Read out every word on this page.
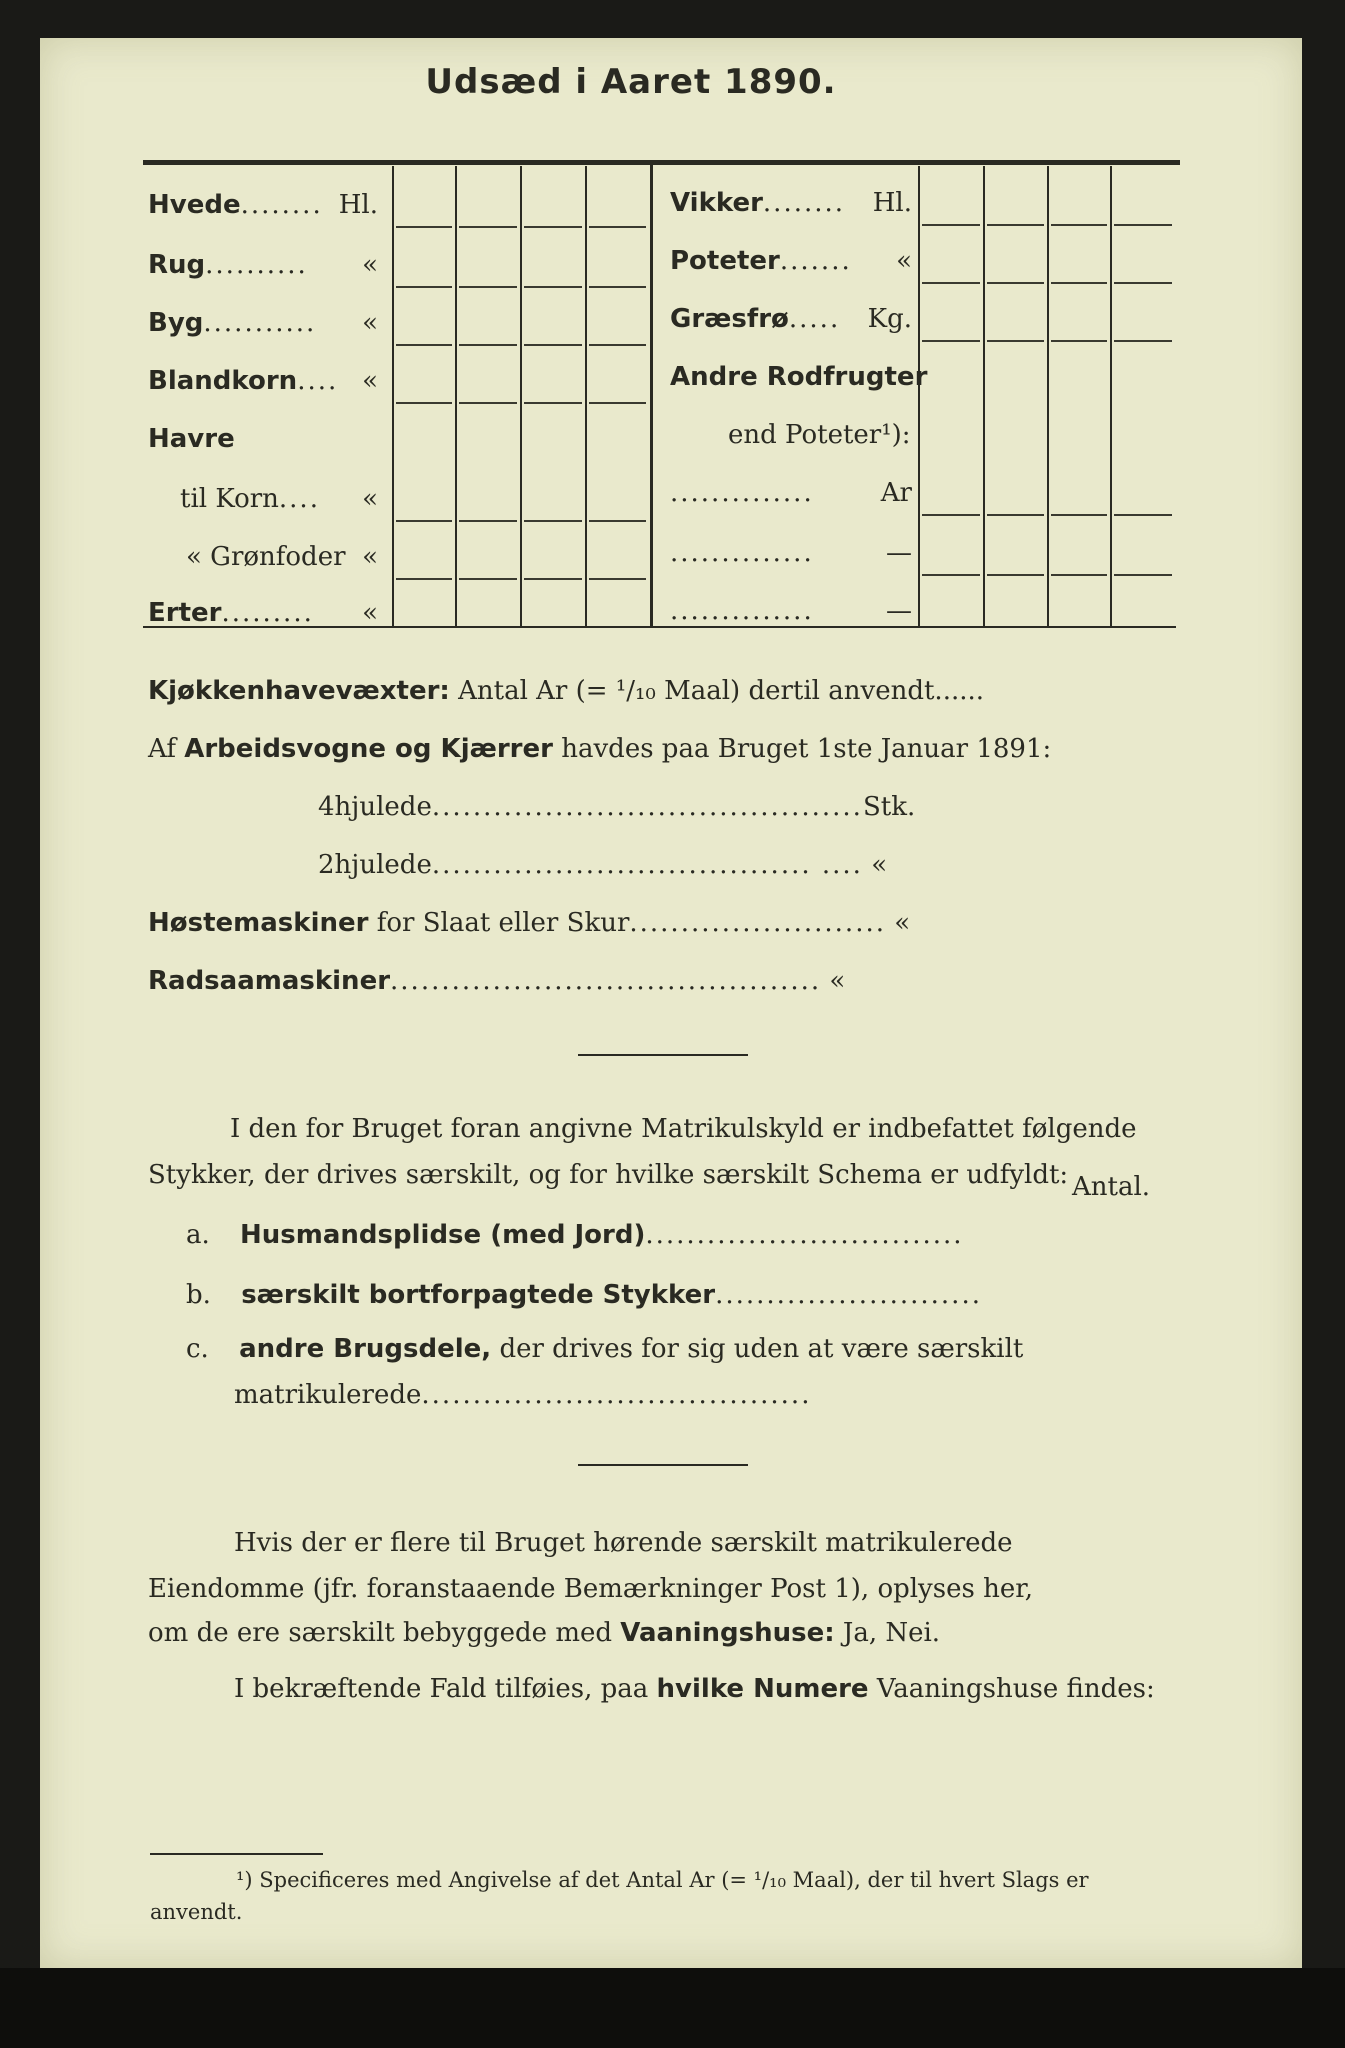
Udsæd i Aaret 1890.
Hvede ........ Hl.
Rug ..........	«
Byg ...........	«
Blandkorn .... «
Havre
til Korn ....	«
« Grønfoder «
Erter .........	«
Vikker ........	Hl.
Poteter .......	«
Græsfrø .....	Kg.
Andre Rodfrugter
end Poteter¹):
..............	Ar
..............	—
..............	—
Kjøkkenhavevæxter: Antal Ar (= ¹/₁₀ Maal) dertil anvendt......
Af Arbeidsvogne og Kjærrer havdes paa Bruget 1ste Januar 1891:
4hjulede..........................................Stk.
2hjulede..................................... .... «
Høstemaskiner for Slaat eller Skur......................... «
Radsaamaskiner.......................................... «
I den for Bruget foran angivne Matrikulskyld er indbefattet følgende
Stykker, der drives særskilt, og for hvilke særskilt Schema er udfyldt: Antal.
a. Husmandsplidse (med Jord)...............................
b. særskilt bortforpagtede Stykker..........................
c. andre Brugsdele, der drives for sig uden at være særskilt
matrikulerede......................................
Hvis der er flere til Bruget hørende særskilt matrikulerede
Eiendomme (jfr. foranstaaende Bemærkninger Post 1), oplyses her,
om de ere særskilt bebyggede med Vaaningshuse: Ja, Nei.
I bekræftende Fald tilføies, paa hvilke Numere Vaaningshuse findes:
¹) Specificeres med Angivelse af det Antal Ar (= ¹/₁₀ Maal), der til hvert Slags er
anvendt.
